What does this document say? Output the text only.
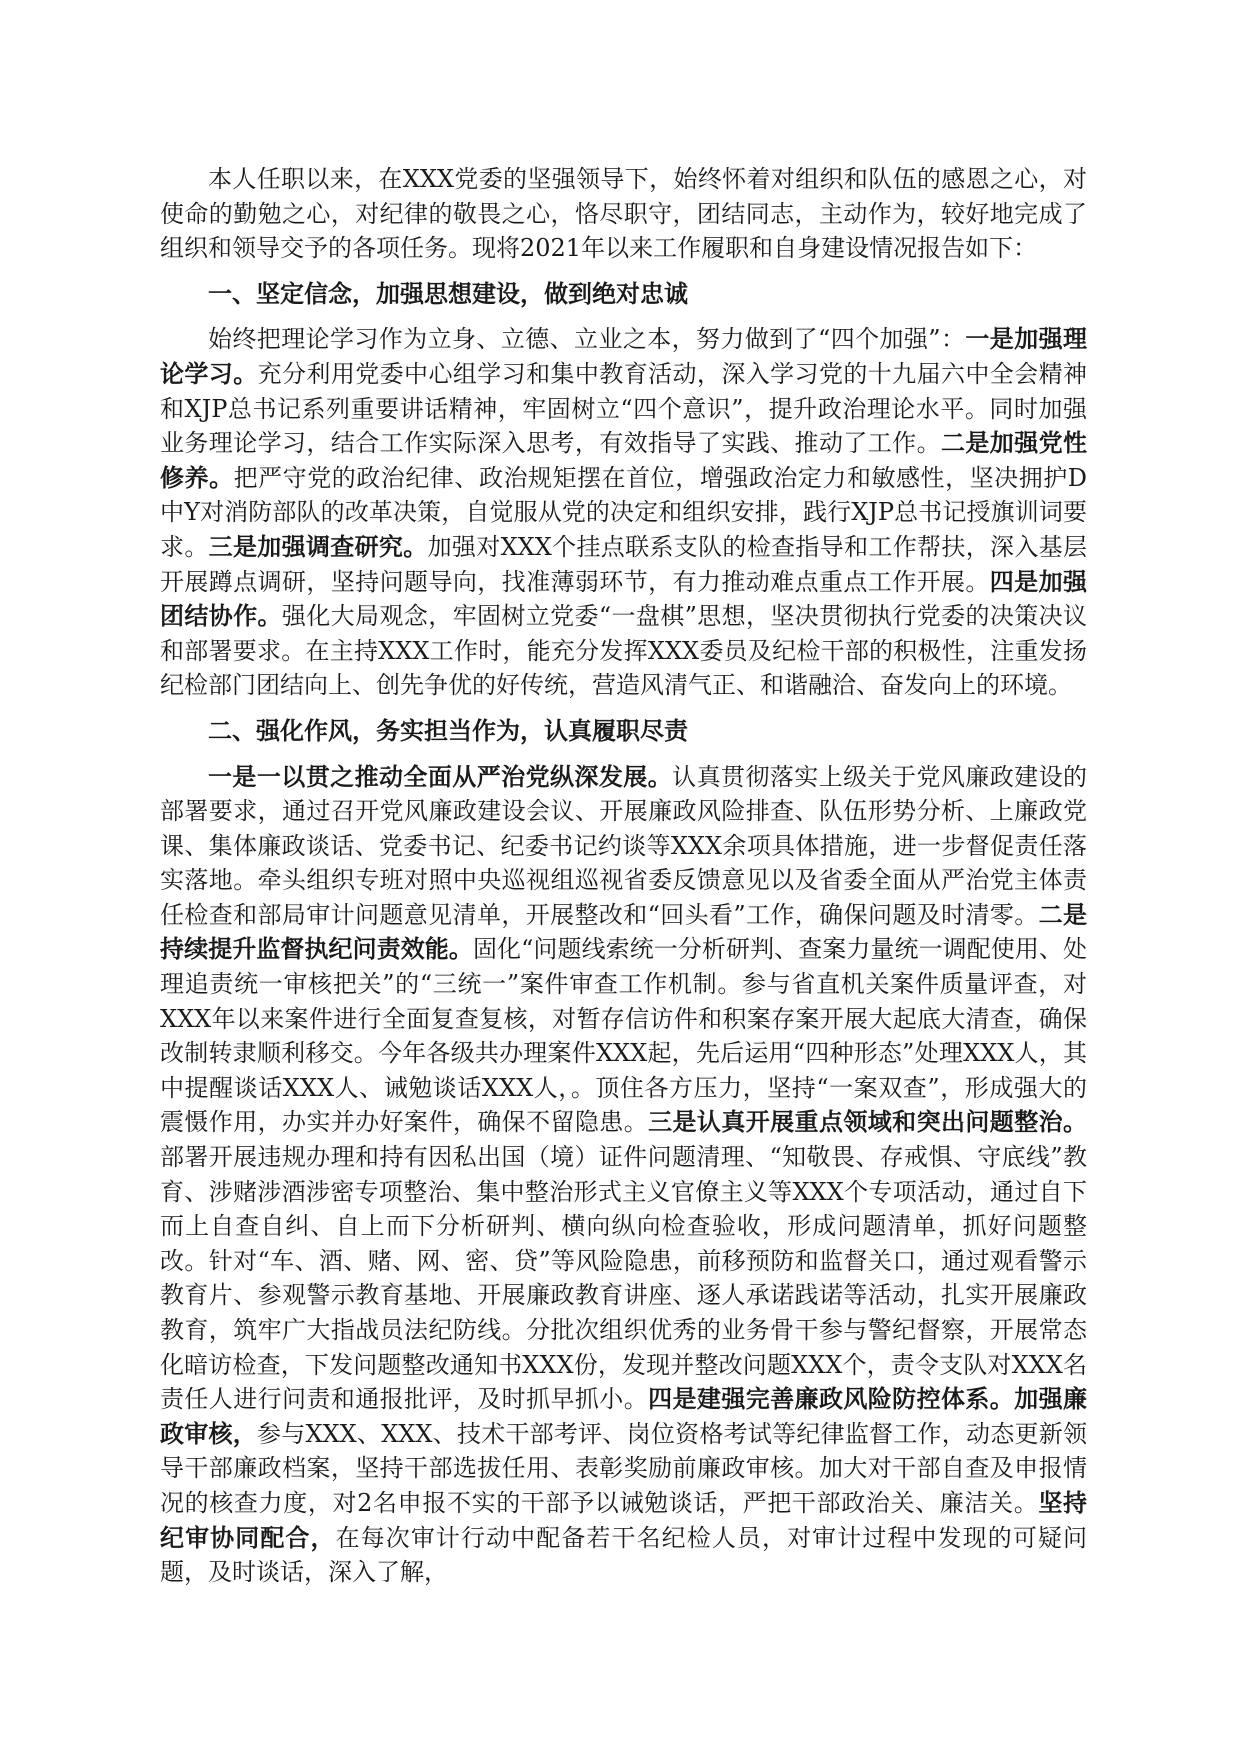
本人任职以来，在XXX党委的坚强领导下，始终怀着对组织和队伍的感恩之心，对使命的勤勉之心，对纪律的敬畏之心，恪尽职守，团结同志，主动作为，较好地完成了组织和领导交予的各项任务。现将2021年以来工作履职和自身建设情况报告如下：

一、坚定信念，加强思想建设，做到绝对忠诚

始终把理论学习作为立身、立德、立业之本，努力做到了“四个加强”：一是加强理论学习。充分利用党委中心组学习和集中教育活动，深入学习党的十九届六中全会精神和XJP总书记系列重要讲话精神，牢固树立“四个意识”，提升政治理论水平。同时加强业务理论学习，结合工作实际深入思考，有效指导了实践、推动了工作。二是加强党性修养。把严守党的政治纪律、政治规矩摆在首位，增强政治定力和敏感性，坚决拥护D中Y对消防部队的改革决策，自觉服从党的决定和组织安排，践行XJP总书记授旗训词要求。三是加强调查研究。加强对XXX个挂点联系支队的检查指导和工作帮扶，深入基层开展蹲点调研，坚持问题导向，找准薄弱环节，有力推动难点重点工作开展。四是加强团结协作。强化大局观念，牢固树立党委“一盘棋”思想，坚决贯彻执行党委的决策决议和部署要求。在主持XXX工作时，能充分发挥XXX委员及纪检干部的积极性，注重发扬纪检部门团结向上、创先争优的好传统，营造风清气正、和谐融洽、奋发向上的环境。

二、强化作风，务实担当作为，认真履职尽责

一是一以贯之推动全面从严治党纵深发展。认真贯彻落实上级关于党风廉政建设的部署要求，通过召开党风廉政建设会议、开展廉政风险排查、队伍形势分析、上廉政党课、集体廉政谈话、党委书记、纪委书记约谈等XXX余项具体措施，进一步督促责任落实落地。牵头组织专班对照中央巡视组巡视省委反馈意见以及省委全面从严治党主体责任检查和部局审计问题意见清单，开展整改和“回头看”工作，确保问题及时清零。二是持续提升监督执纪问责效能。固化“问题线索统一分析研判、查案力量统一调配使用、处理追责统一审核把关”的“三统一”案件审查工作机制。参与省直机关案件质量评查，对XXX年以来案件进行全面复查复核，对暂存信访件和积案存案开展大起底大清查，确保改制转隶顺利移交。今年各级共办理案件XXX起，先后运用“四种形态”处理XXX人，其中提醒谈话XXX人、诫勉谈话XXX人，。顶住各方压力，坚持“一案双查”，形成强大的震慑作用，办实并办好案件，确保不留隐患。三是认真开展重点领域和突出问题整治。部署开展违规办理和持有因私出国（境）证件问题清理、“知敬畏、存戒惧、守底线”教育、涉赌涉酒涉密专项整治、集中整治形式主义官僚主义等XXX个专项活动，通过自下而上自查自纠、自上而下分析研判、横向纵向检查验收，形成问题清单，抓好问题整改。针对“车、酒、赌、网、密、贷”等风险隐患，前移预防和监督关口，通过观看警示教育片、参观警示教育基地、开展廉政教育讲座、逐人承诺践诺等活动，扎实开展廉政教育，筑牢广大指战员法纪防线。分批次组织优秀的业务骨干参与警纪督察，开展常态化暗访检查，下发问题整改通知书XXX份，发现并整改问题XXX个，责令支队对XXX名责任人进行问责和通报批评，及时抓早抓小。四是建强完善廉政风险防控体系。加强廉政审核，参与XXX、XXX、技术干部考评、岗位资格考试等纪律监督工作，动态更新领导干部廉政档案，坚持干部选拔任用、表彰奖励前廉政审核。加大对干部自查及申报情况的核查力度，对2名申报不实的干部予以诫勉谈话，严把干部政治关、廉洁关。坚持纪审协同配合，在每次审计行动中配备若干名纪检人员，对审计过程中发现的可疑问题，及时谈话，深入了解，
